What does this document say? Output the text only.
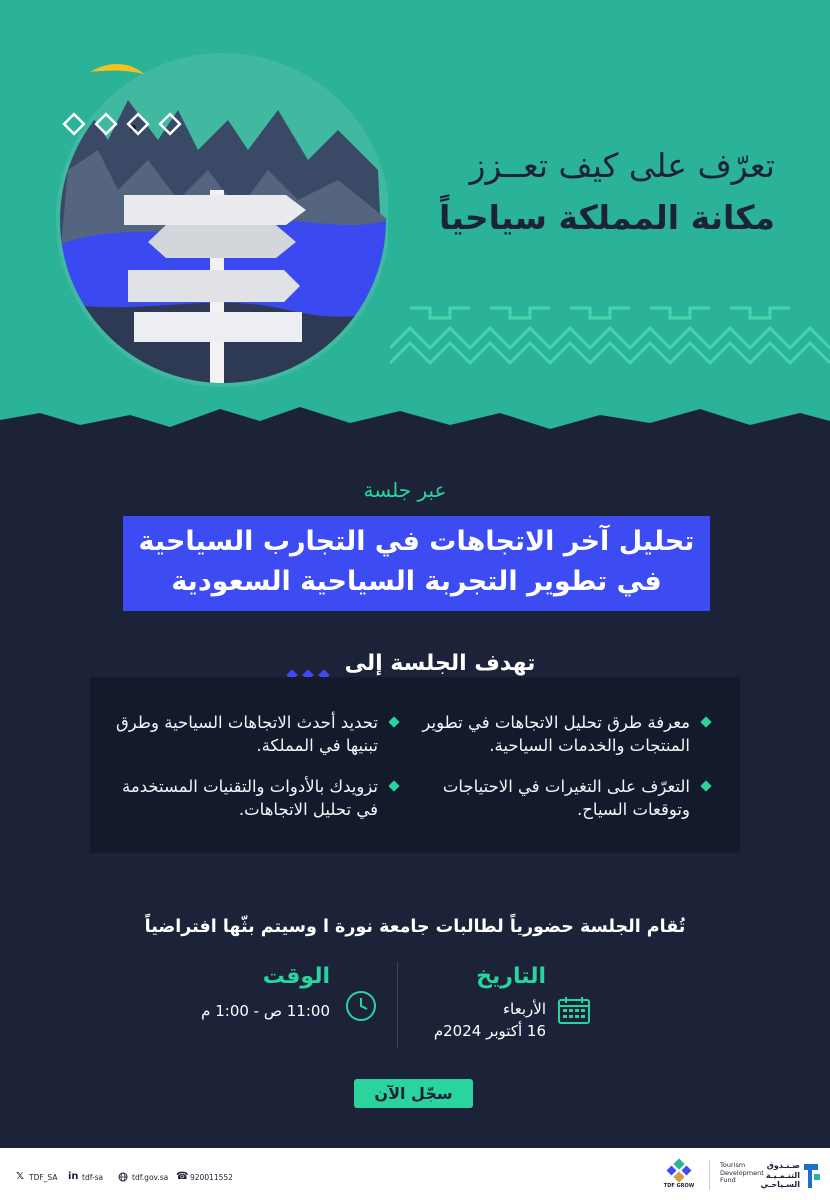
تعرّف على كيف تعــزز
مكانة المملكة سياحياً
عبر جلسة
تحليل آخر الاتجاهات في التجارب السياحية
في تطوير التجربة السياحية السعودية
تهدف الجلسة إلى
معرفة طرق تحليل الاتجاهات في تطوير المنتجات والخدمات السياحية.
تحديد أحدث الاتجاهات السياحية وطرق تبنيها في المملكة.
التعرّف على التغيرات في الاحتياجات وتوقعات السياح.
تزويدك بالأدوات والتقنيات المستخدمة في تحليل الاتجاهات.
تُقام الجلسة حضورياً لطالبات جامعة نورة ا وسيتم بثّها افتراضياً
التاريخ
الأربعاء
16 أكتوبر 2024م
الوقت
11:00 ص - 1:00 م
سجّل الآن
𝕏 TDF_SA in tdf-sa	tdf.gov.sa ☎ 920011552
TDF GROW
Tourism
Development
Fund
صـنـدوق
التنـمـيـة
السـياحـي
